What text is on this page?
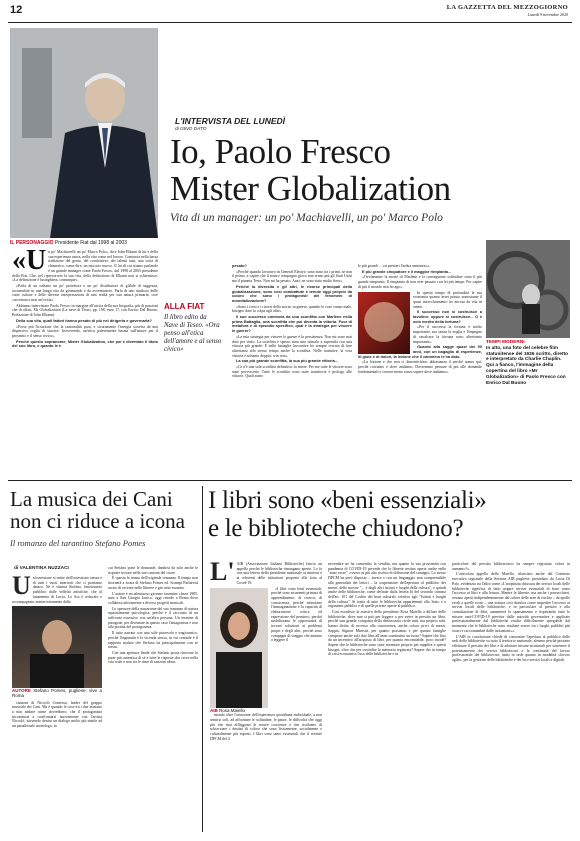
12	LA GAZZETTA DEL MEZZOGIORNO
Lunedì 9 novembre 2020
IL PERSONAGGIO Presidente Fiat dal 1998 al 2003
L'INTERVISTA DEL LUNEDÌ
di GINO DATO
Io, Paolo Fresco
Mister Globalization
Vita di un manager: un po' Machiavelli, un po' Marco Polo
«U n po' Machiavelli un po' Marco Polo», dice John Elkann di lui e della sua esperienza unica, nella vita come nel lavoro. Comincia nella bassa tradizione del genio, del condottiero, dei talenti tutti, una sorta di chimerico, come dire, un incrocio nuovo. Il lui di cui stiamo parlando è un grande manager come Paolo Fresco, dal 1998 al 2003 presidente della Fiat. Che, nel ripercorrere la sua vita, della definizione di Elkann non si schermisce: «La definizione è lusinghiera, comunque».

«Parla di un italiano un po' proiettore e un po' distributore di gillule di saggezza, accumulate in una lunga vita da giramondo e da avventuriero. Parla di uno studioso delle varie culture e delle diverse interpretazioni di una realtà per sua natura primaria, cioè «accettata e mai un'ovvia».

Abbiamo intervistato Paolo Fresco in margine all'uscita della sua biografia, più di passioni che di affari, Mr Globalization (La nave di Teseo, pp. 198, euro 17, con Enrico Dal Buono, Prefazione di John Elkann).

Della sua vita, quali fattori hanno pesato di più nel dirigerla e governarla?

«Forse più l'irruzione che la razionalità pura, e sicuramente l'energia sorretta da una dispersiva voglia di vincere. Irreverendo, un'etica palesemente basata sull'amore per il prossimo e il senso civico».

Perché questo sopranome, Mister Globalization, che poi è diventato il titolo del suo libro, e quanto le è

ALLA FIAT
Il libro edito da Nave di Teseo. «Ora penso all'etica dell'amore e al senso civico»

pesato?

«Perché quando lavoravo in General Electric sono stato tra i primi, se non il primo, a capire che il nostro compagno gioco non erano più gli Stati Uniti ma il pianeta Terra. Non mi ha pesato. Anzi, ne sono stato molto fiero».

Perché la diversità e gli altri, le risorse principali della globalizzazione, sono così combattute e tenute oggi proprio da coloro che sono i protagonisti dei fenomeni di mondializzazione?

«Sono i corsi e i ricorsi della storia: in genere, quando le cose vanno male, bisogno dare la colpa agli altri».

Il suo successo comincia da una sconfitta con Marlène nella prima Battaglia, una sconfitta che poi diventa la vittoria. Fuor di metafora e di episodio specifico, qual è la strategia per vincere le guerre?

«La mia strategia per vincere le guerre è la persistenza. Non mi sono mai dato per vinto. La sconfitta è spesso stata uno stimolo a superarla con una vittoria più grande. E nelle battaglie lavorative ho sempre cercato di fare altrettanto allo stesso tempo anche la sconfitta. Nelle trattative, la vera vittoria è soltanto doppia: win win».

La sua più grande sconfitta, la sua più grande vittoria...

«Ce n'è una sola sconfitta definitiva: la morte. Per me tutte le vittorie sono state provvisorie. Tutte le sconfitte sono state transitorie e prologo alle vittorie. Quali siano

le più grandi ... «si prestert l'ardua sentenza»».

E più grande cinquatore e il maggior rimpianto...

«Ovviamente la morte di Marlène e la conseguente solitudine sono il più grande rimpianto. Il rimpianto di non aver passato con lei più tempo. Per capire di più il mondo non ho ago».

In questo tempo di profondità la sua economia quanto avrei potuto nonostante il quasi invecchiamento ho ancora da vita in sieme.

Il successo non si costruisce a tavolino: oppure si costruisce... O è solo merito della fortuna?

«Per il successo la fortuna è molto importante, ma senza la voglia e l'impegno di cavalcare la fortuna sono altrettanto importanti».

Guardo alla sagge quasi dei 90 anni, con un bagaglio di esperienze, di gioie e di dolori, la lezione che il cammino le ha dato.

«La lezione e che non ci dimentichino: abbastanza il perché siamo qui, perché corriamo e dove andiamo. Dovremmo pensare di più alle domande fondamentali e correre meno senza sapere dove andiamo».

TEMPI MODERNI
In alto, una foto del celebre film statunitense del 1936 scritto, diretto e interpretato da Charlie Chaplin. Qui a fianco, l'immagine della copertina del libro «Mr Globalization» di Paolo Fresco con Enrico Dal Buono
La musica dei Cani
non ci riduce a icona
Il romanzo del tarantino Stefano Pomes
di VALENTINA NUZZACI
U n'ossessione si mitre dell'ossessione stessa e di tutti i vuoti interrorti che ci portiamo dentro. Ne è vittima Stefano, funzionario pubblico dalle velleità artistiche, che al lunamento di Lucia, Lo Ara è reducato e accompagnato ininterrottamente dalla

AUTORE Stefano Pomes, pugliese, vive a Roma

canzoni di Niccolò Contessa, leader del gruppo musicale dei Cani. Ma è quando le cose tra i due iniziano a non andare come dovrebbero, che il protagonista incomincia a confrontarsi nuovamente con l'artista Niccolò, istruendo dentro un dialogo molto più simile ad un paradossale monologo, in

cui Stefano pone le domande, dandosi da solo anche le risposte trovate nelle sue canzoni del cuore.

È questa la trama dell'originale romanzo Il tempo non ritornerà a icona di Stefano Pomes ed. Scampi Parlaresti uscito di recente nelle librerie e già tutto esaurito.

L'autore è un talentuoso giovane tarantino classe 1985, nato a San Giorgio Jonico, oggi risiede a Roma dove collabora attivamente a diversi progetti musicali.

Lo spessore della narrazione del suo romanzo di natura squisitamente psicologica, perché è il racconto di un raffronto ossessivo con un'altra persona. Un termine di paragone, per diventare in questo caso l'antagonista e non alla portata del protagonista.

Il tutto narrato con uno stile piacevole e tragicomico, perché l'ingenuità è la vicenda stessa, in cui centrale è il rapporto malato che Stefano ha principalmente con se stesso.

Con una apertura finale che Stefano possa ritrovare la parte più autentica di sé e tutte le risposte che cerca nella vita reale e non tra le rime di canzoni altrui.

I libri sono «beni essenziali»
e le biblioteche chiudono?
L' AIB (Associazione Italiana Biblioteche) lancia un appello perché le biblioteche rimangano aperte. Lo fa con una lettera della presidente nazionale ai ministri e ai referenti delle istituzioni proposte alla lotta al Covid-19.

«I libri sono beni essenziali, perché sono strumenti primari di apprendimento, di ricerca, di conoscenza, perché stimolano l'immaginazione e la capacità di elaborazione critica ed espressione del pensiero, perché mobilizzano le opportunità di trovare soluzioni ai problemi propri e degli altri, perché sono compagni di viaggio che aiutano a leggere il

AIB Rosa Maiello

mondo oltre l'orizzonte dell'esperienza quotidiana individuale, a non sentirsi soli, ad affrontare le solitudine, le paure, le difficoltà che oggi più che mai affliggono le nostre coscienze e che rischiano di schiacciare i destini di coloro che sono fisicamente, socialmente e culturalmente più esposti. I libri sono tanto essenziali che il recente DPCM del 4

novembre ne ha consentito la vendita, ma quanto la sua prossimità con pandemia di COVID-19 prevede che le librerie restino aperte anche nelle "zone rosse", ovvero ai più alto rischio di diffusione del contagio. Lo stesso DPCM ha però disposto – invece e con un linguaggio non comprensibile alla generalità dei lettori – la sospensione dell'apertura al pubblico dei musei, delle mostre "... e degli altri istituti e luoghi della cultura", e quindi anche delle biblioteche, come definite dalla lettera b) del secondo comma dell'art. 101 del Codice dei beni culturali, relativo agli "Istituti e luoghi della cultura". Si tratta di tutte le biblioteche appartenenti allo Stato e a organismi pubblici e di quelle private aperte al pubblico.

Così esordisce la missiva della presidente Rosa Maiello a diffuse delle biblioteche, dove non si può per leggere o per avere in prestito un libro, perché una grande conquista della democrazia civile tutti, ma proprio tutti, hanno diritto di accesso alla conoscenza, anche coloro privi di mezzi. Sappia, Signori Ministri, per quanto possiamo e per quanto famiglie comprare anche solo due libri all'anno continuino un lusso? Sapete che fino da un incentivo all'acquisto di libri, per quanto encomiabile, poco incide? Sapete che le biblioteche sono state inventate proprio per supplire a questi bisogni, oltre che per custodire la memoria registrata? Sapete che in tempo di crisi economica l'uso delle biblioteche e in

particolare del prestito bibliotecario ha sempre registrato valori in aumento?».

L'articolata appello della Maiello, rilanciato anche dal Comitato esecutivo regionale della Sezione AIB pugliese, presieduto da Lucia Di Palo, evidenzia tra l'altro come «L'inopinata chiusura dei servizi locali delle biblioteche significa di fatto negare servizi essenziali di base come l'accesso ai libri e alla lettura. Mentre le librerie, ma anche i parrucchieri, restano aperti indipendentemente dal colore delle aree di rischio – da quelle verdi a quelle rosse – una misura così drastica come impedire l'accesso ai servizi locali delle biblioteche, e in particolare al prestito e alla consultazione di libri, aumenterà lo spaesamento e rispettando tutte le misure anti-COVID-19 previste dalle autorità governative e applicate professionalmente dal biblioteche risulta difficilmente spiegabile dal momento che le biblioteche sono risultate essere tra i luoghi pubblici più sicuri e raccomandati dalle istituzioni»».

L'AIB in conclusione chiede di consentire l'apertura al pubblico delle sedi delle biblioteche su tutto il territorio nazionale, almeno perché possano effettuare il prestito dei libri e di adottare misure strutturali per sostenere il potenziamento dei servizi bibliotecari e la continuità del lavoro professionale dei bibliotecari, tanto in sede quanto in modalità «lavoro agile», per la gestione delle biblioteche e dei loro servizi locali e digitali.
